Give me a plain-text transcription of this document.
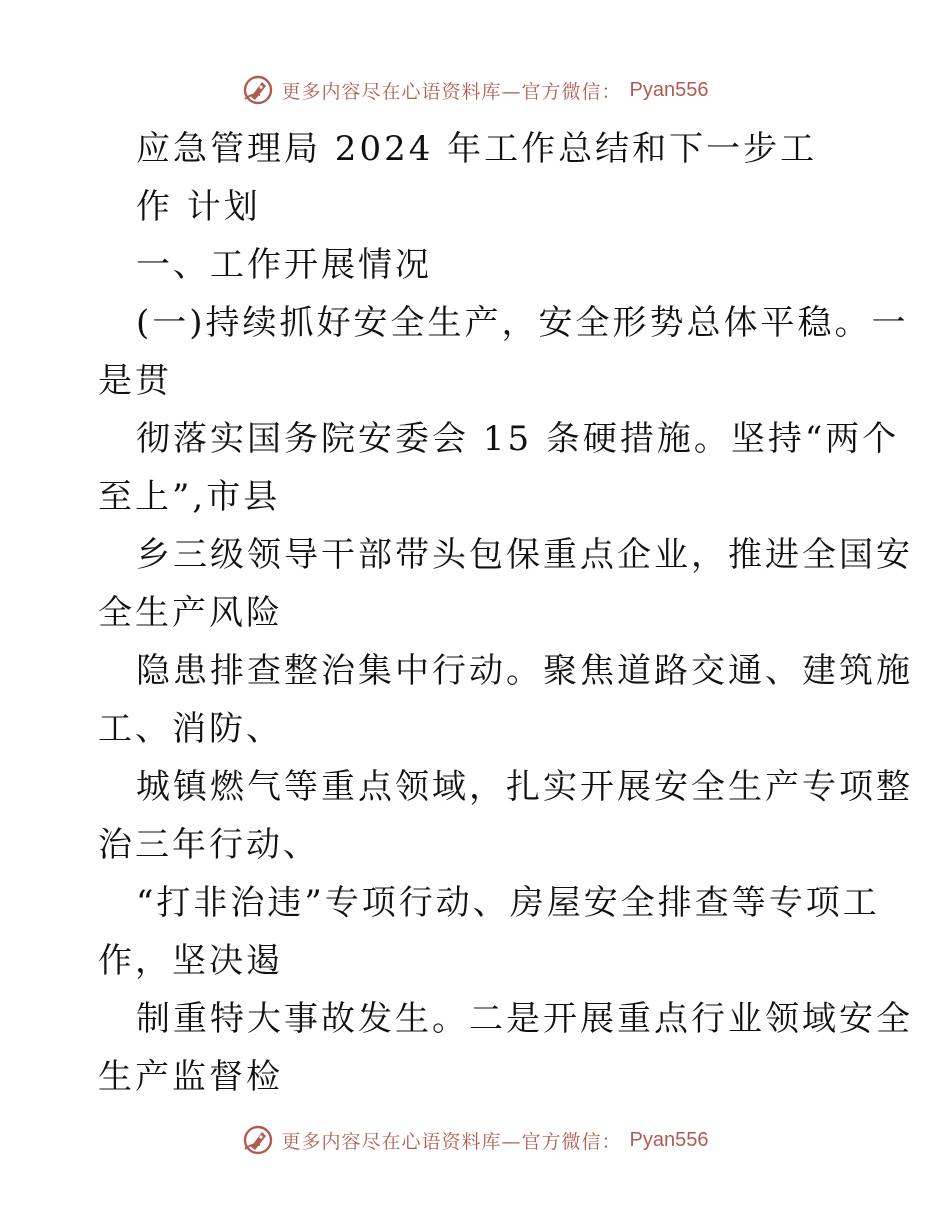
更多内容尽在心语资料库—官方微信： Pyan556
应急管理局 2024 年工作总结和下一步工
作 计划
一、工作开展情况
(一)持续抓好安全生产，安全形势总体平稳。一
是贯
彻落实国务院安委会 15 条硬措施。坚持“两个
至上”,市县
乡三级领导干部带头包保重点企业，推进全国安
全生产风险
隐患排查整治集中行动。聚焦道路交通、建筑施
工、消防、
城镇燃气等重点领域，扎实开展安全生产专项整
治三年行动、
“打非治违”专项行动、房屋安全排查等专项工
作，坚决遏
制重特大事故发生。二是开展重点行业领域安全
生产监督检
更多内容尽在心语资料库—官方微信： Pyan556
